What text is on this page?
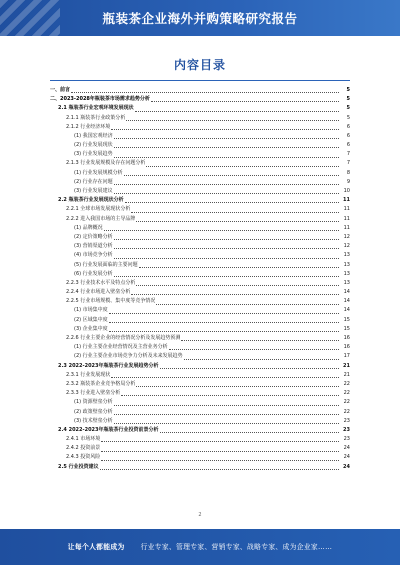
瓶装茶企业海外并购策略研究报告
内容目录
一、前言	5
二、2023-2028年瓶装茶市场需求趋势分析	5
2.1 瓶装茶行业宏观环境发展现状	5
2.1.1 瓶装茶行业政策分析	5
2.1.2 行业经济环境	6
(1) 我国宏观经济	6
(2) 行业发展现状	6
(3) 行业发展趋势	7
2.1.3 行业发展规模及存在问题分析	7
(1) 行业发展规模分析	8
(2) 行业存在问题	9
(3) 行业发展建议	10
2.2 瓶装茶行业发展现状分析	11
2.2.1 全球市场发展现状分析	11
2.2.2 进入我国市场的主导品牌	11
(1) 品牌概况	11
(2) 定价策略分析	12
(3) 营销渠道分析	12
(4) 市场竞争分析	13
(5) 行业发展面临的主要问题	13
(6) 行业发展分析	13
2.2.3 行业技术水平及特点分析	13
2.2.4 行业市场进入壁垒分析	14
2.2.5 行业市场规模、集中度等竞争情况	14
(1) 市场集中度	14
(2) 区域集中度	15
(3) 企业集中度	15
2.2.6 行业主要企业的经营情况分析及发展趋势预测	16
(1) 行业主要企业经营情况及主营业务分析	16
(2) 行业主要企业市场竞争力分析及未来发展趋势	17
2.3 2022-2023年瓶装茶行业发展趋势分析	21
2.3.1 行业发展现状	21
2.3.2 瓶装茶企业竞争格局分析	22
2.3.3 行业进入壁垒分析	22
(1) 资源壁垒分析	22
(2) 政策壁垒分析	22
(3) 技术壁垒分析	23
2.4 2022-2023年瓶装茶行业投资前景分析	23
2.4.1 市场环境	23
2.4.2 投资前景	24
2.4.3 投资风险	24
2.5 行业投资建议	24
2
让每个人都能成为 行业专家、管理专家、营销专家、战略专家、成为企业家……
